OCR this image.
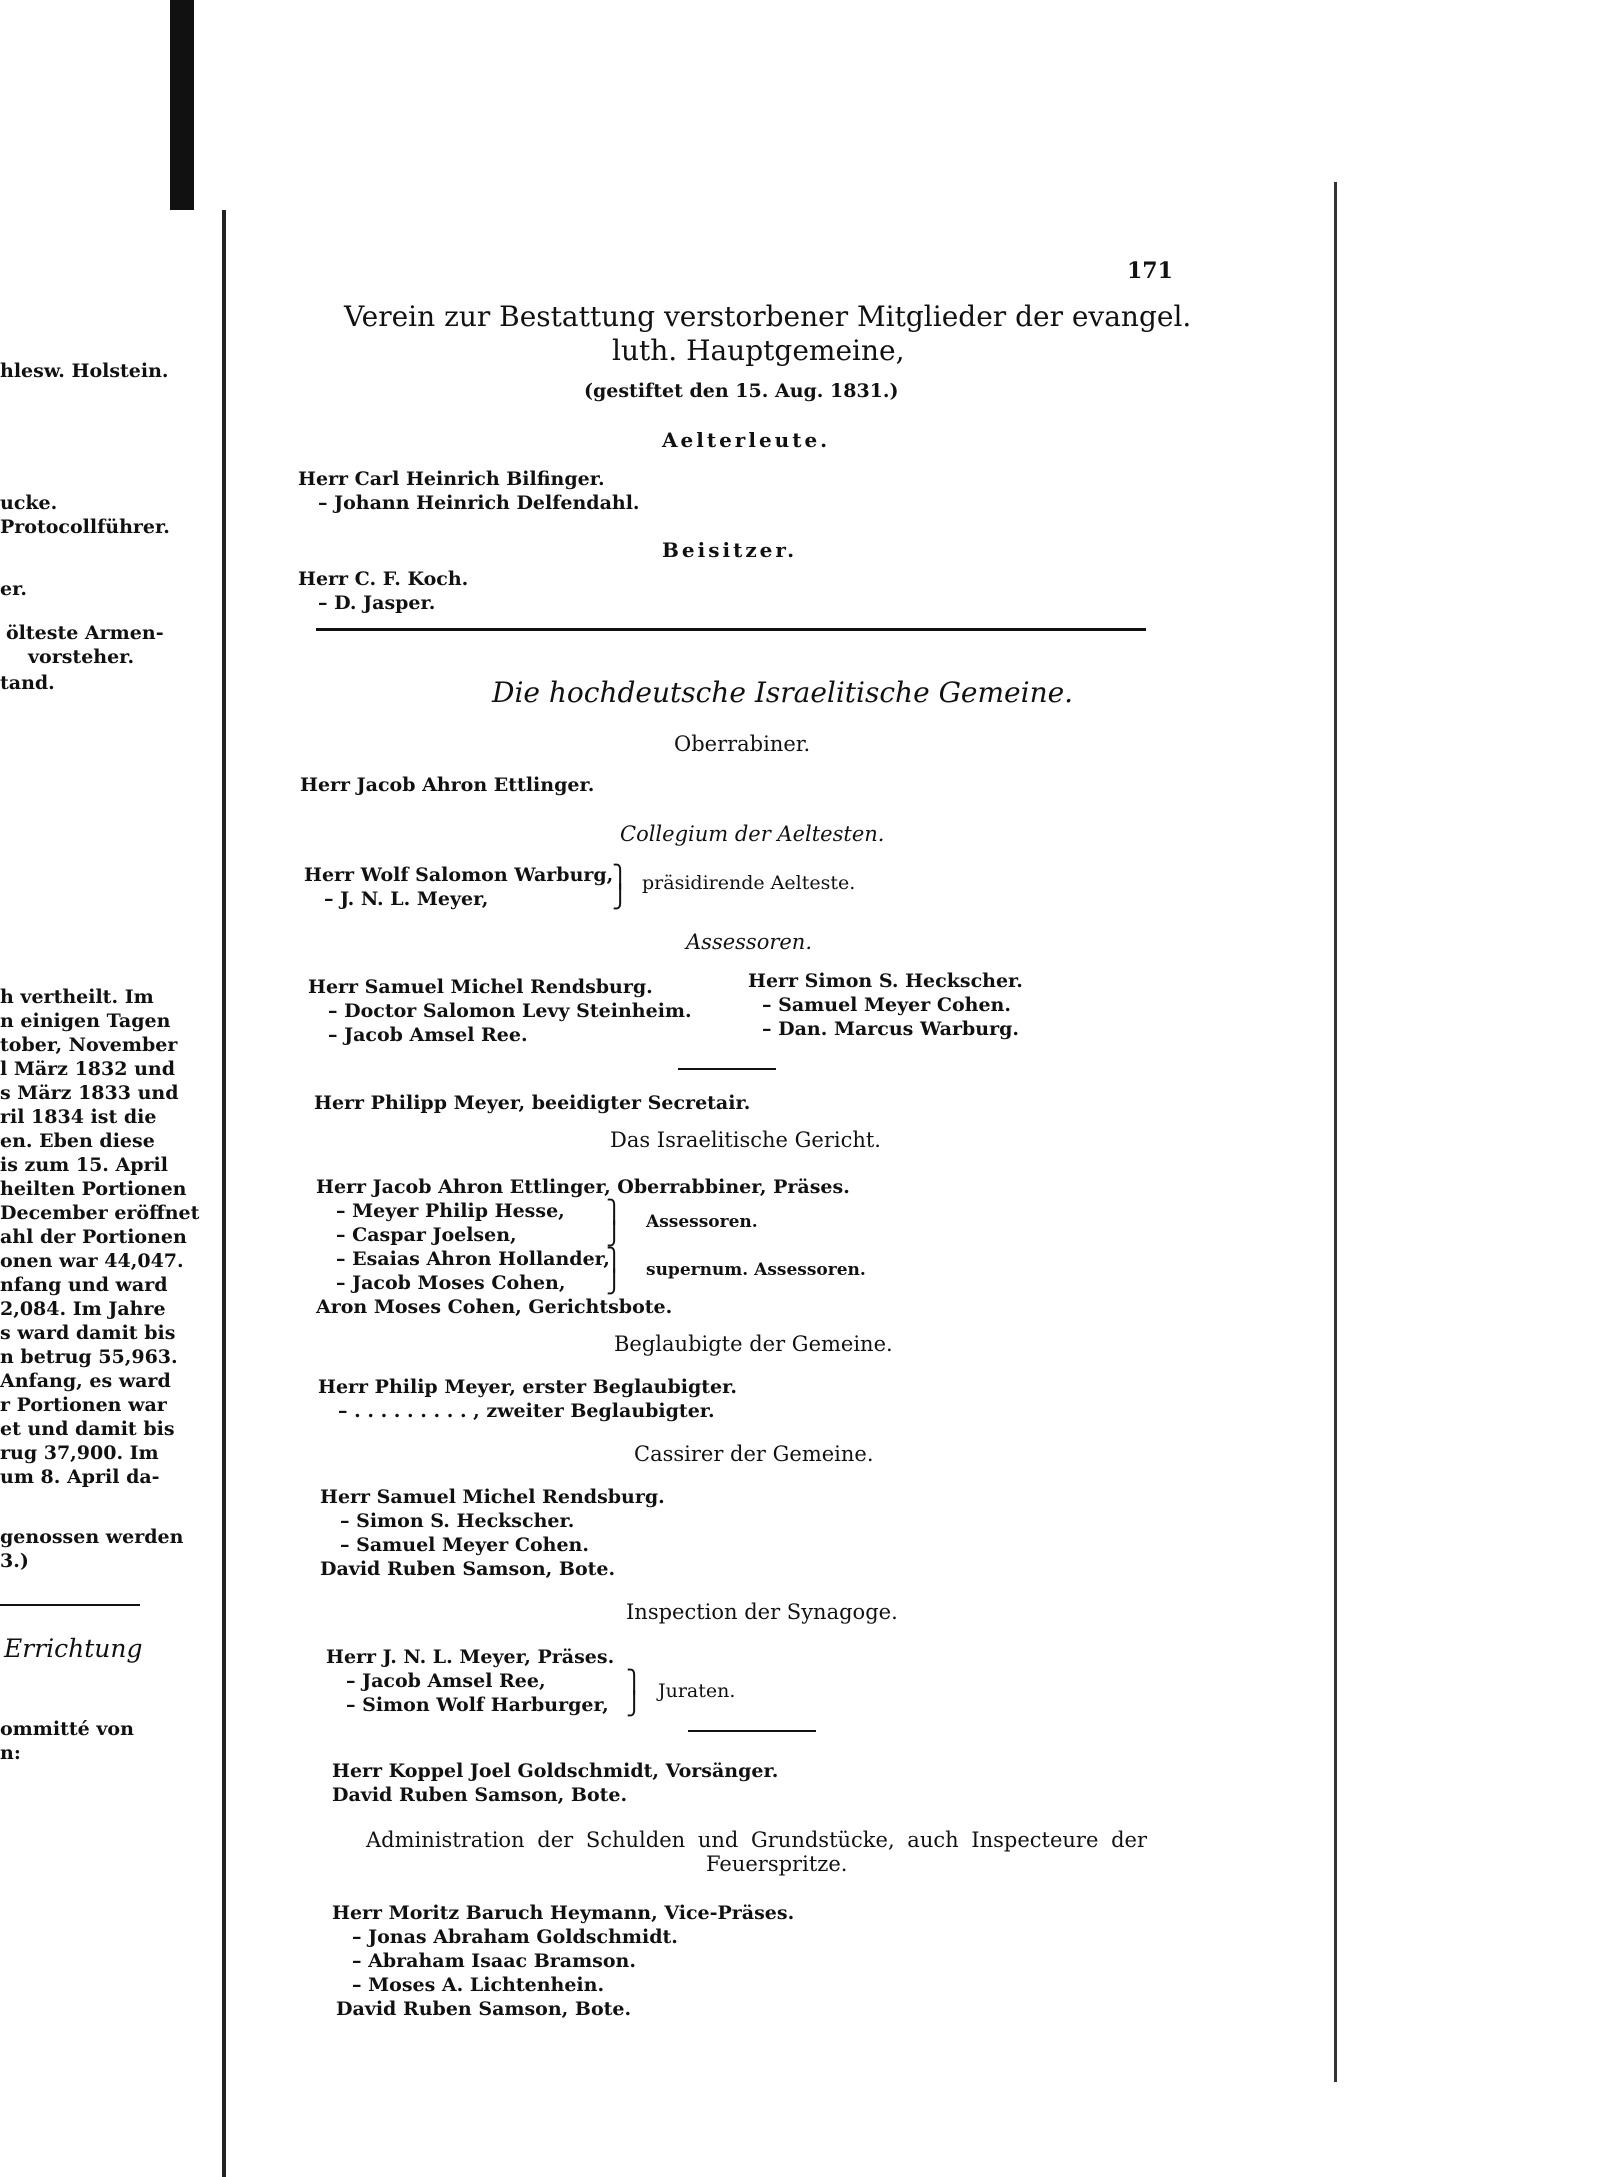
hlesw. Holstein.
ucke.
Protocollführer.
er.
ölteste Armen-
vorsteher.
tand.
h vertheilt. Im
n einigen Tagen
tober, November
l März 1832 und
s März 1833 und
ril 1834 ist die
en. Eben diese
is zum 15. April
heilten Portionen
December eröffnet
ahl der Portionen
onen war 44,047.
nfang und ward
2,084. Im Jahre
s ward damit bis
n betrug 55,963.
Anfang, es ward
r Portionen war
et und damit bis
rug 37,900. Im
um 8. April da-
genossen werden
3.)
Errichtung
ommitté von
n:
171
Verein zur Bestattung verstorbener Mitglieder der evangel.
luth. Hauptgemeine,
(gestiftet den 15. Aug. 1831.)
Aelterleute.
Herr Carl Heinrich Bilfinger.
– Johann Heinrich Delfendahl.
Beisitzer.
Herr C. F. Koch.
– D. Jasper.
Die hochdeutsche Israelitische Gemeine.
Oberrabiner.
Herr Jacob Ahron Ettlinger.
Collegium der Aeltesten.
Herr Wolf Salomon Warburg,
– J. N. L. Meyer,
⎫
⎭
präsidirende Aelteste.
Assessoren.
Herr Samuel Michel Rendsburg.
– Doctor Salomon Levy Steinheim.
– Jacob Amsel Ree.
Herr Simon S. Heckscher.
– Samuel Meyer Cohen.
– Dan. Marcus Warburg.
Herr Philipp Meyer, beeidigter Secretair.
Das Israelitische Gericht.
Herr Jacob Ahron Ettlinger, Oberrabbiner, Präses.
– Meyer Philip Hesse,
– Caspar Joelsen,
– Esaias Ahron Hollander,
– Jacob Moses Cohen,
⎫
⎭
⎫
⎭
Assessoren.
supernum. Assessoren.
Aron Moses Cohen, Gerichtsbote.
Beglaubigte der Gemeine.
Herr Philip Meyer, erster Beglaubigter.
– . . . . . . . . . , zweiter Beglaubigter.
Cassirer der Gemeine.
Herr Samuel Michel Rendsburg.
– Simon S. Heckscher.
– Samuel Meyer Cohen.
David Ruben Samson, Bote.
Inspection der Synagoge.
Herr J. N. L. Meyer, Präses.
– Jacob Amsel Ree,
– Simon Wolf Harburger,
⎫
⎭
Juraten.
Herr Koppel Joel Goldschmidt, Vorsänger.
David Ruben Samson, Bote.
Administration der Schulden und Grundstücke, auch Inspecteure der
Feuerspritze.
Herr Moritz Baruch Heymann, Vice-Präses.
– Jonas Abraham Goldschmidt.
– Abraham Isaac Bramson.
– Moses A. Lichtenhein.
David Ruben Samson, Bote.
